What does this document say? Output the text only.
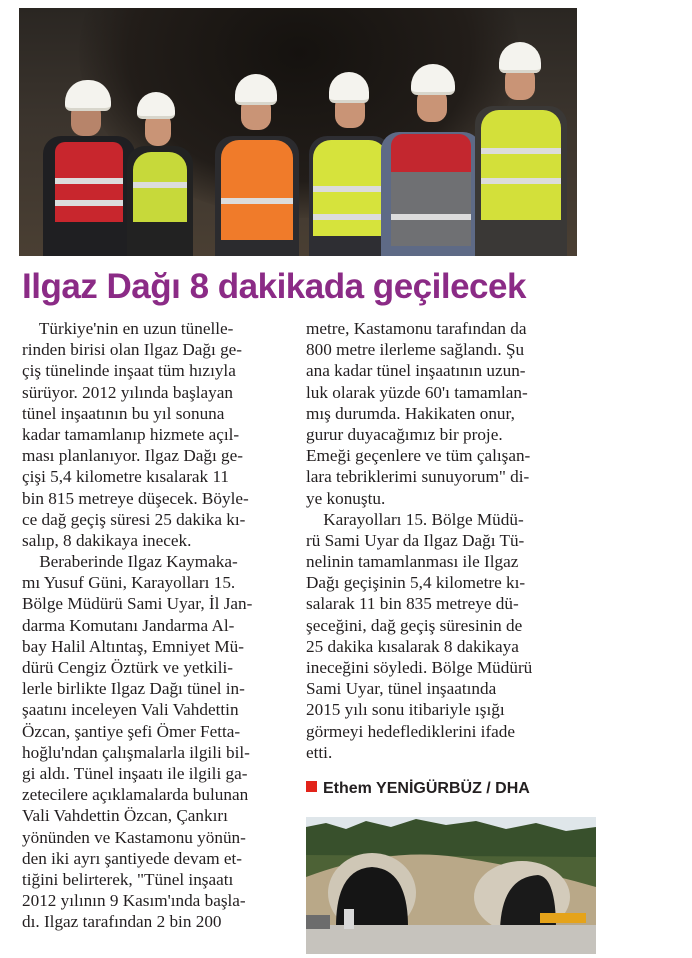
Ilgaz Dağı 8 dakikada geçilecek
Türkiye'nin en uzun tünelle-
rinden birisi olan Ilgaz Dağı ge-
çiş tünelinde inşaat tüm hızıyla
sürüyor. 2012 yılında başlayan
tünel inşaatının bu yıl sonuna
kadar tamamlanıp hizmete açıl-
ması planlanıyor. Ilgaz Dağı ge-
çişi 5,4 kilometre kısalarak 11
bin 815 metreye düşecek. Böyle-
ce dağ geçiş süresi 25 dakika kı-
salıp, 8 dakikaya inecek.
Beraberinde Ilgaz Kaymaka-
mı Yusuf Güni, Karayolları 15.
Bölge Müdürü Sami Uyar, İl Jan-
darma Komutanı Jandarma Al-
bay Halil Altıntaş, Emniyet Mü-
dürü Cengiz Öztürk ve yetkili-
lerle birlikte Ilgaz Dağı tünel in-
şaatını inceleyen Vali Vahdettin
Özcan, şantiye şefi Ömer Fetta-
hoğlu'ndan çalışmalarla ilgili bil-
gi aldı. Tünel inşaatı ile ilgili ga-
zetecilere açıklamalarda bulunan
Vali Vahdettin Özcan, Çankırı
yönünden ve Kastamonu yönün-
den iki ayrı şantiyede devam et-
tiğini belirterek, "Tünel inşaatı
2012 yılının 9 Kasım'ında başla-
dı. Ilgaz tarafından 2 bin 200
metre, Kastamonu tarafından da
800 metre ilerleme sağlandı. Şu
ana kadar tünel inşaatının uzun-
luk olarak yüzde 60'ı tamamlan-
mış durumda. Hakikaten onur,
gurur duyacağımız bir proje.
Emeği geçenlere ve tüm çalışan-
lara tebriklerimi sunuyorum" di-
ye konuştu.
Karayolları 15. Bölge Müdü-
rü Sami Uyar da Ilgaz Dağı Tü-
nelinin tamamlanması ile Ilgaz
Dağı geçişinin 5,4 kilometre kı-
salarak 11 bin 835 metreye dü-
şeceğini, dağ geçiş süresinin de
25 dakika kısalarak 8 dakikaya
ineceğini söyledi. Bölge Müdürü
Sami Uyar, tünel inşaatında
2015 yılı sonu itibariyle ışığı
görmeyi hedeflediklerini ifade
etti.
Ethem YENİGÜRBÜZ / DHA
